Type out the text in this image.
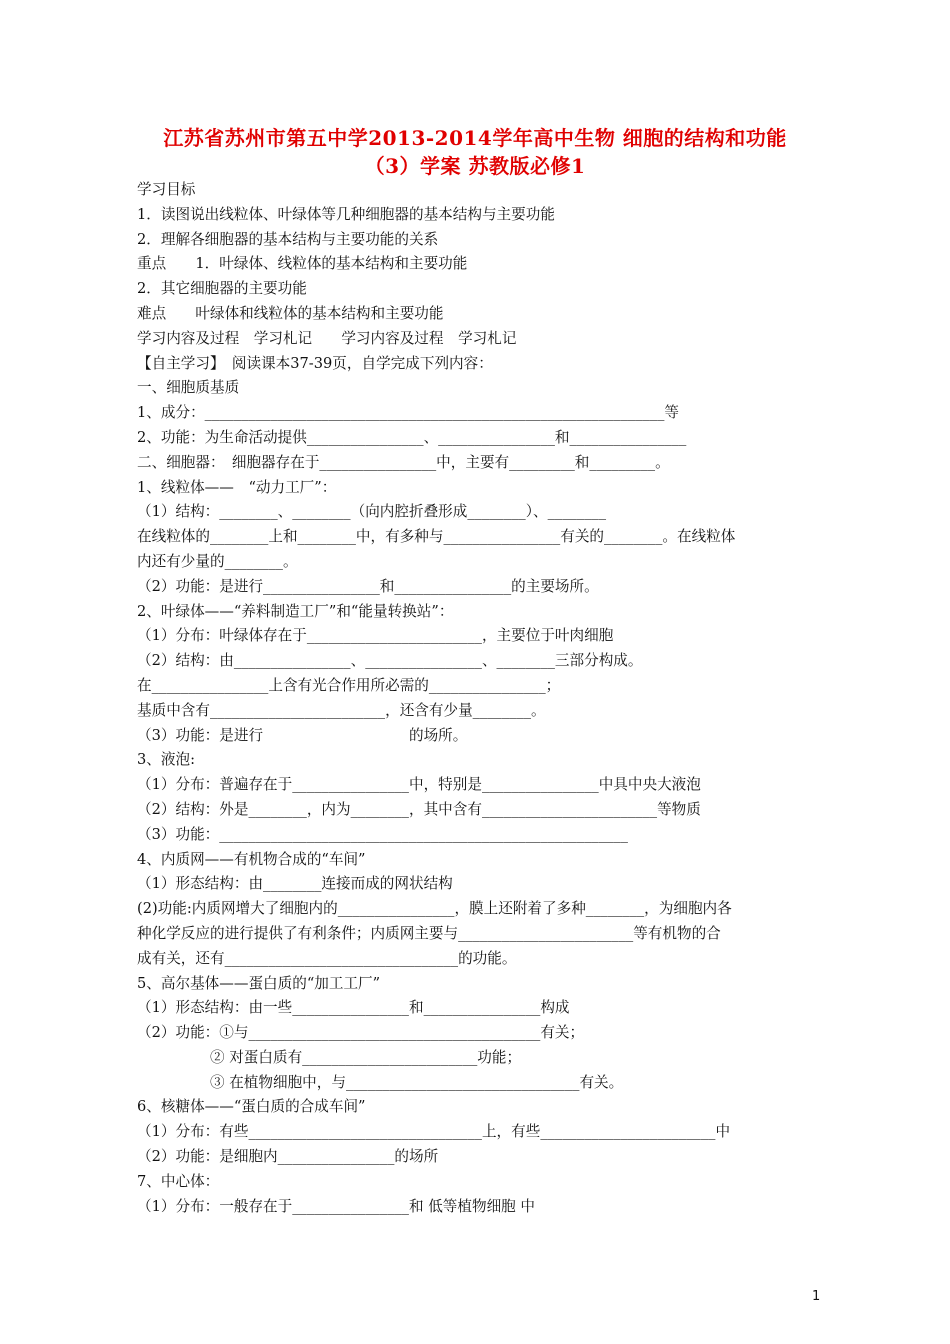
江苏省苏州市第五中学2013-2014学年高中生物 细胞的结构和功能
（3）学案 苏教版必修1
学习目标
1．读图说出线粒体、叶绿体等几种细胞器的基本结构与主要功能
2．理解各细胞器的基本结构与主要功能的关系
重点　　1．叶绿体、线粒体的基本结构和主要功能
2．其它细胞器的主要功能
难点　　叶绿体和线粒体的基本结构和主要功能
学习内容及过程　学习札记　　学习内容及过程　学习札记
【自主学习】　阅读课本37-39页，自学完成下列内容：
一、细胞质基质
1、成分：_______________________________________________________________等
2、功能：为生命活动提供________________、________________和________________
二、细胞器：　细胞器存在于________________中，主要有_________和_________。
1、线粒体——　“动力工厂”：
（1）结构：________、________（向内腔折叠形成________）、________
在线粒体的________上和________中，有多种与________________有关的________。在线粒体
内还有少量的________。
（2）功能：是进行________________和________________的主要场所。
2、叶绿体——“养料制造工厂”和“能量转换站”：
（1）分布：叶绿体存在于________________________，主要位于叶肉细胞
（2）结构：由________________、________________、________三部分构成。
在________________上含有光合作用所必需的________________；
基质中含有________________________，还含有少量________。
（3）功能：是进行　　　　　　　　　　的场所。
3、液泡:
（1）分布：普遍存在于________________中，特别是________________中具中央大液泡
（2）结构：外是________，内为________，其中含有________________________等物质
（3）功能：________________________________________________________
4、内质网——有机物合成的“车间”
（1）形态结构：由________连接而成的网状结构
(2)功能:内质网增大了细胞内的________________，膜上还附着了多种________，为细胞内各
种化学反应的进行提供了有利条件；内质网主要与________________________等有机物的合
成有关，还有________________________________的功能。
5、高尔基体——蛋白质的“加工工厂”
（1）形态结构：由一些________________和________________构成
（2）功能：①与________________________________________有关；
　　　　　② 对蛋白质有________________________功能；
　　　　　③ 在植物细胞中，与________________________________有关。
6、核糖体——“蛋白质的合成车间”
（1）分布：有些________________________________上，有些________________________中
（2）功能：是细胞内________________的场所
7、中心体：
（1）分布：一般存在于________________和 低等植物细胞 中
1
